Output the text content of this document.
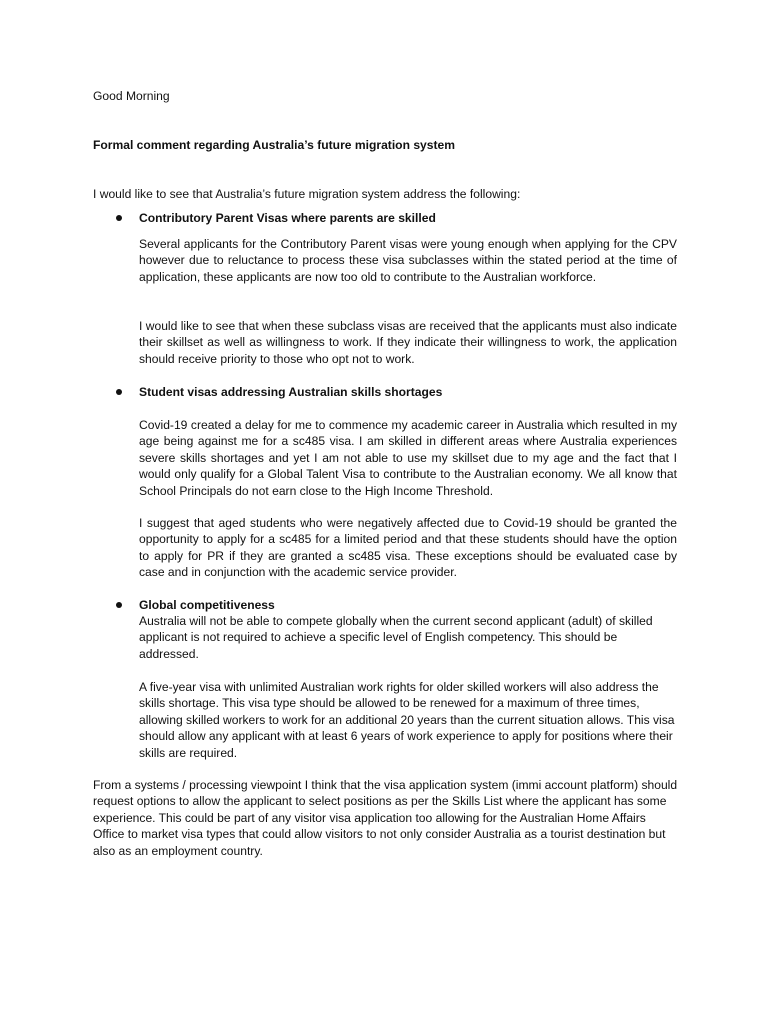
Good Morning

Formal comment regarding Australia’s future migration system

I would like to see that Australia’s future migration system address the following:

Contributory Parent Visas where parents are skilled

Several applicants for the Contributory Parent visas were young enough when applying for the CPV however due to reluctance to process these visa subclasses within the stated period at the time of application, these applicants are now too old to contribute to the Australian workforce.

I would like to see that when these subclass visas are received that the applicants must also indicate their skillset as well as willingness to work. If they indicate their willingness to work, the application should receive priority to those who opt not to work.

Student visas addressing Australian skills shortages

Covid-19 created a delay for me to commence my academic career in Australia which resulted in my age being against me for a sc485 visa. I am skilled in different areas where Australia experiences severe skills shortages and yet I am not able to use my skillset due to my age and the fact that I would only qualify for a Global Talent Visa to contribute to the Australian economy. We all know that School Principals do not earn close to the High Income Threshold.

I suggest that aged students who were negatively affected due to Covid-19 should be granted the opportunity to apply for a sc485 for a limited period and that these students should have the option to apply for PR if they are granted a sc485 visa. These exceptions should be evaluated case by case and in conjunction with the academic service provider.

Global competitiveness

Australia will not be able to compete globally when the current second applicant (adult) of skilled applicant is not required to achieve a specific level of English competency. This should be addressed.

A five-year visa with unlimited Australian work rights for older skilled workers will also address the skills shortage. This visa type should be allowed to be renewed for a maximum of three times, allowing skilled workers to work for an additional 20 years than the current situation allows. This visa should allow any applicant with at least 6 years of work experience to apply for positions where their skills are required.

From a systems / processing viewpoint I think that the visa application system (immi account platform) should request options to allow the applicant to select positions as per the Skills List where the applicant has some experience. This could be part of any visitor visa application too allowing for the Australian Home Affairs Office to market visa types that could allow visitors to not only consider Australia as a tourist destination but also as an employment country.
